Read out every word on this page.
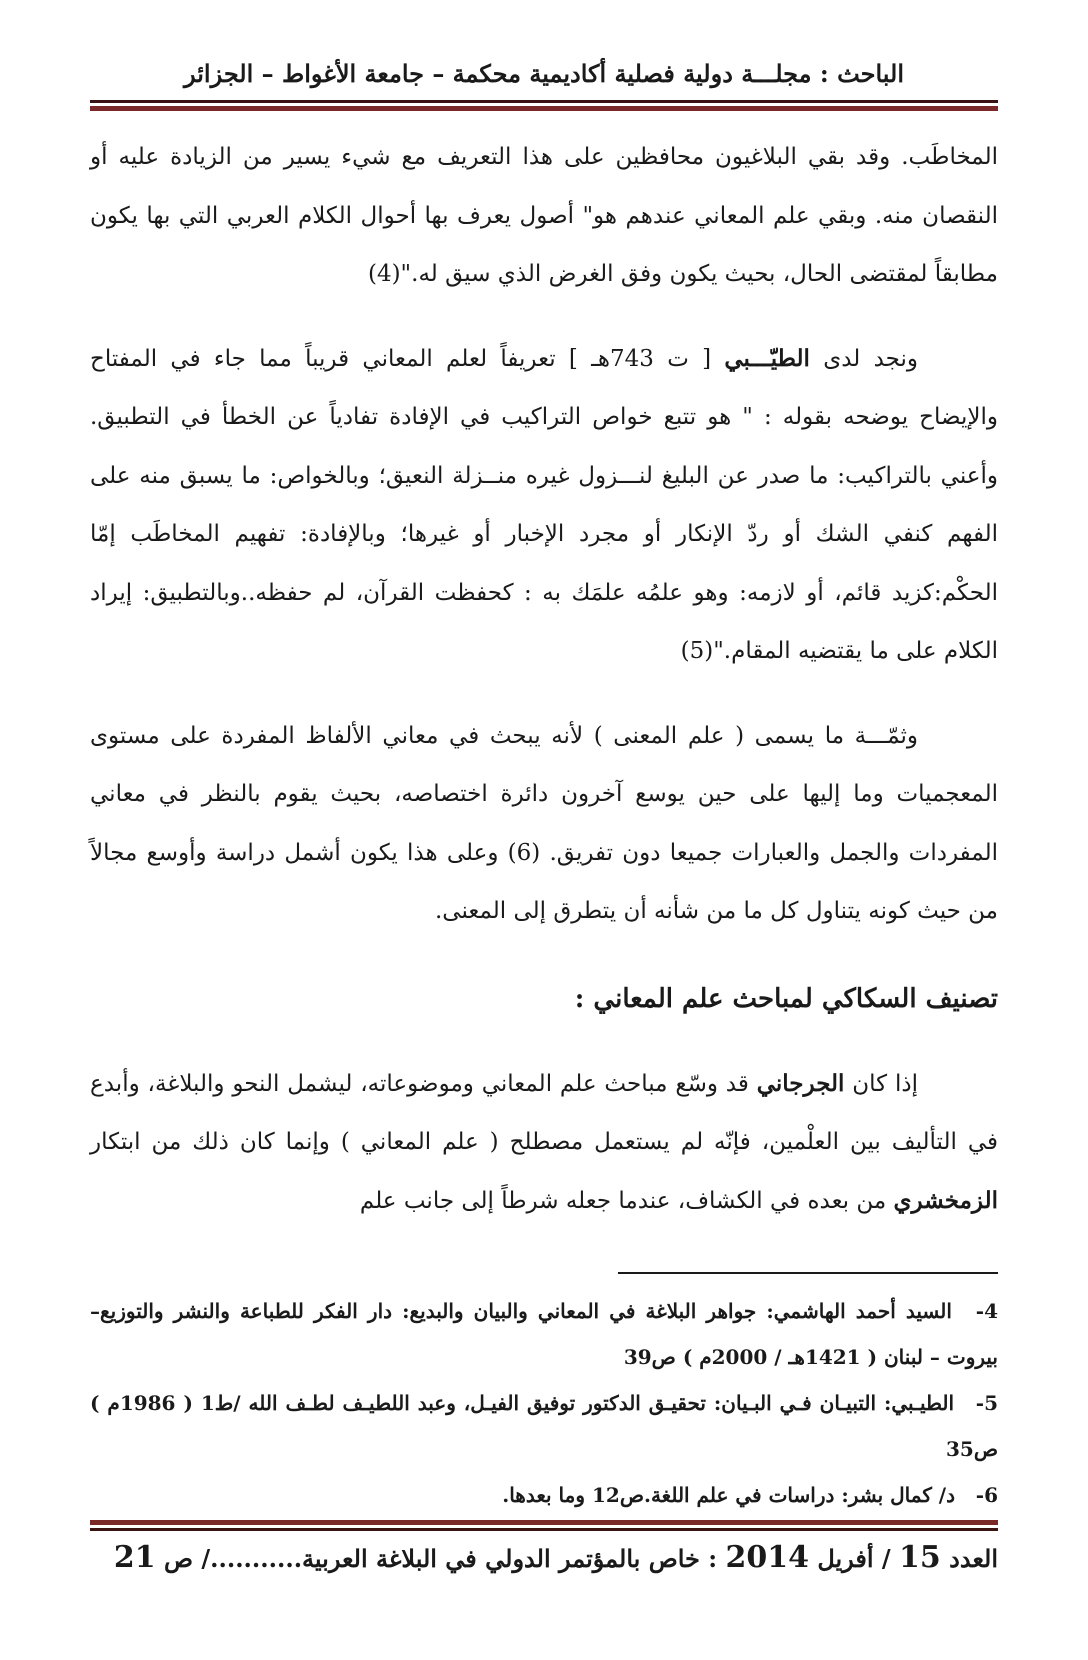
الباحث : مجلـــة دولية فصلية أكاديمية محكمة – جامعة الأغواط – الجزائر

المخاطَب. وقد بقي البلاغيون محافظين على هذا التعريف مع شيء يسير من الزيادة عليه أو النقصان منه. وبقي علم المعاني عندهم هو" أصول يعرف بها أحوال الكلام العربي التي بها يكون مطابقاً لمقتضى الحال، بحيث يكون وفق الغرض الذي سيق له."(4)

ونجد لدى الطيّـــبي [ ت 743هـ ] تعريفاً لعلم المعاني قريباً مما جاء في المفتاح والإيضاح يوضحه بقوله : " هو تتبع خواص التراكيب في الإفادة تفادياً عن الخطأ في التطبيق. وأعني بالتراكيب: ما صدر عن البليغ لنـــزول غيره منــزلة النعيق؛ وبالخواص: ما يسبق منه على الفهم كنفي الشك أو ردّ الإنكار أو مجرد الإخبار أو غيرها؛ وبالإفادة: تفهيم المخاطَب إمّا الحكْم:كزيد قائم، أو لازمه: وهو علمُه علمَك به : كحفظت القرآن، لم حفظه..وبالتطبيق: إيراد الكلام على ما يقتضيه المقام."(5)

وثمّـــة ما يسمى ( علم المعنى ) لأنه يبحث في معاني الألفاظ المفردة على مستوى المعجميات وما إليها على حين يوسع آخرون دائرة اختصاصه، بحيث يقوم بالنظر في معاني المفردات والجمل والعبارات جميعا دون تفريق. (6) وعلى هذا يكون أشمل دراسة وأوسع مجالاً من حيث كونه يتناول كل ما من شأنه أن يتطرق إلى المعنى.

تصنيف السكاكي لمباحث علم المعاني :

إذا كان الجرجاني قد وسّع مباحث علم المعاني وموضوعاته، ليشمل النحو والبلاغة، وأبدع في التأليف بين العلْمين، فإنّه لم يستعمل مصطلح ( علم المعاني ) وإنما كان ذلك من ابتكار الزمخشري من بعده في الكشاف، عندما جعله شرطاً إلى جانب علم

4- السيد أحمد الهاشمي: جواهر البلاغة في المعاني والبيان والبديع: دار الفكر للطباعة والنشر والتوزيع– بيروت – لبنان ( 1421هـ / 2000م ) ص39

5- الطيـبي: التبيـان فـي البـيان: تحقيـق الدكتور توفيق الفيـل، وعبد اللطيـف لطـف الله /ط1 ( 1986م ) ص35

6- د/ كمال بشر: دراسات في علم اللغة.ص12 وما بعدها.

العدد 15 / أفريل 2014 : خاص بالمؤتمر الدولي في البلاغة العربية.........../ ص 21
